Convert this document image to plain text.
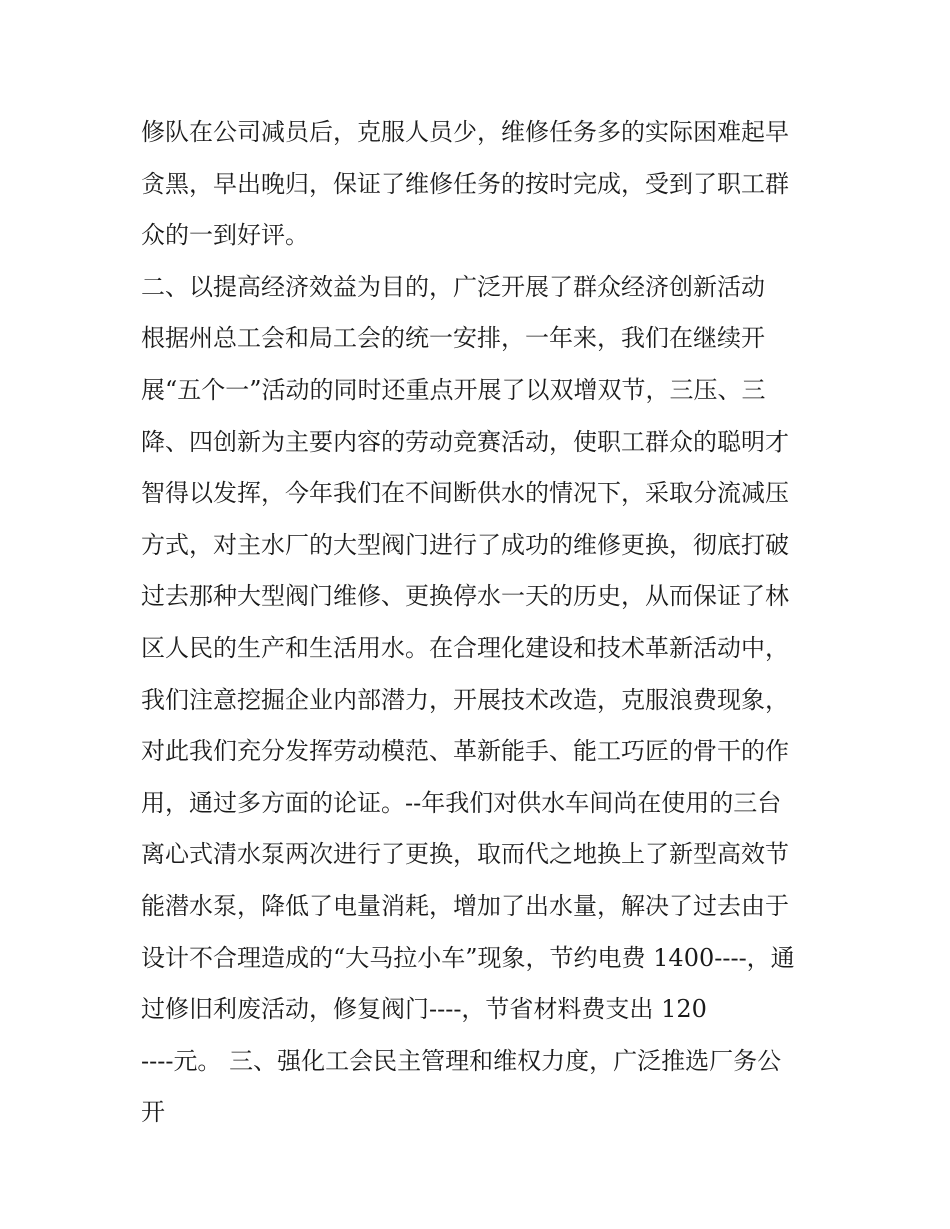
修队在公司减员后，克服人员少，维修任务多的实际困难起早
贪黑，早出晚归，保证了维修任务的按时完成，受到了职工群
众的一到好评。
二、以提高经济效益为目的，广泛开展了群众经济创新活动
根据州总工会和局工会的统一安排，一年来，我们在继续开
展“五个一”活动的同时还重点开展了以双增双节，三压、三
降、四创新为主要内容的劳动竞赛活动，使职工群众的聪明才
智得以发挥，今年我们在不间断供水的情况下，采取分流减压
方式，对主水厂的大型阀门进行了成功的维修更换，彻底打破
过去那种大型阀门维修、更换停水一天的历史，从而保证了林
区人民的生产和生活用水。在合理化建设和技术革新活动中，
我们注意挖掘企业内部潜力，开展技术改造，克服浪费现象，
对此我们充分发挥劳动模范、革新能手、能工巧匠的骨干的作
用，通过多方面的论证。--年我们对供水车间尚在使用的三台
离心式清水泵两次进行了更换，取而代之地换上了新型高效节
能潜水泵，降低了电量消耗，增加了出水量，解决了过去由于
设计不合理造成的“大马拉小车”现象，节约电费 1400----，通
过修旧利废活动，修复阀门----，节省材料费支出 120
----元。 三、强化工会民主管理和维权力度，广泛推选厂务公
开
